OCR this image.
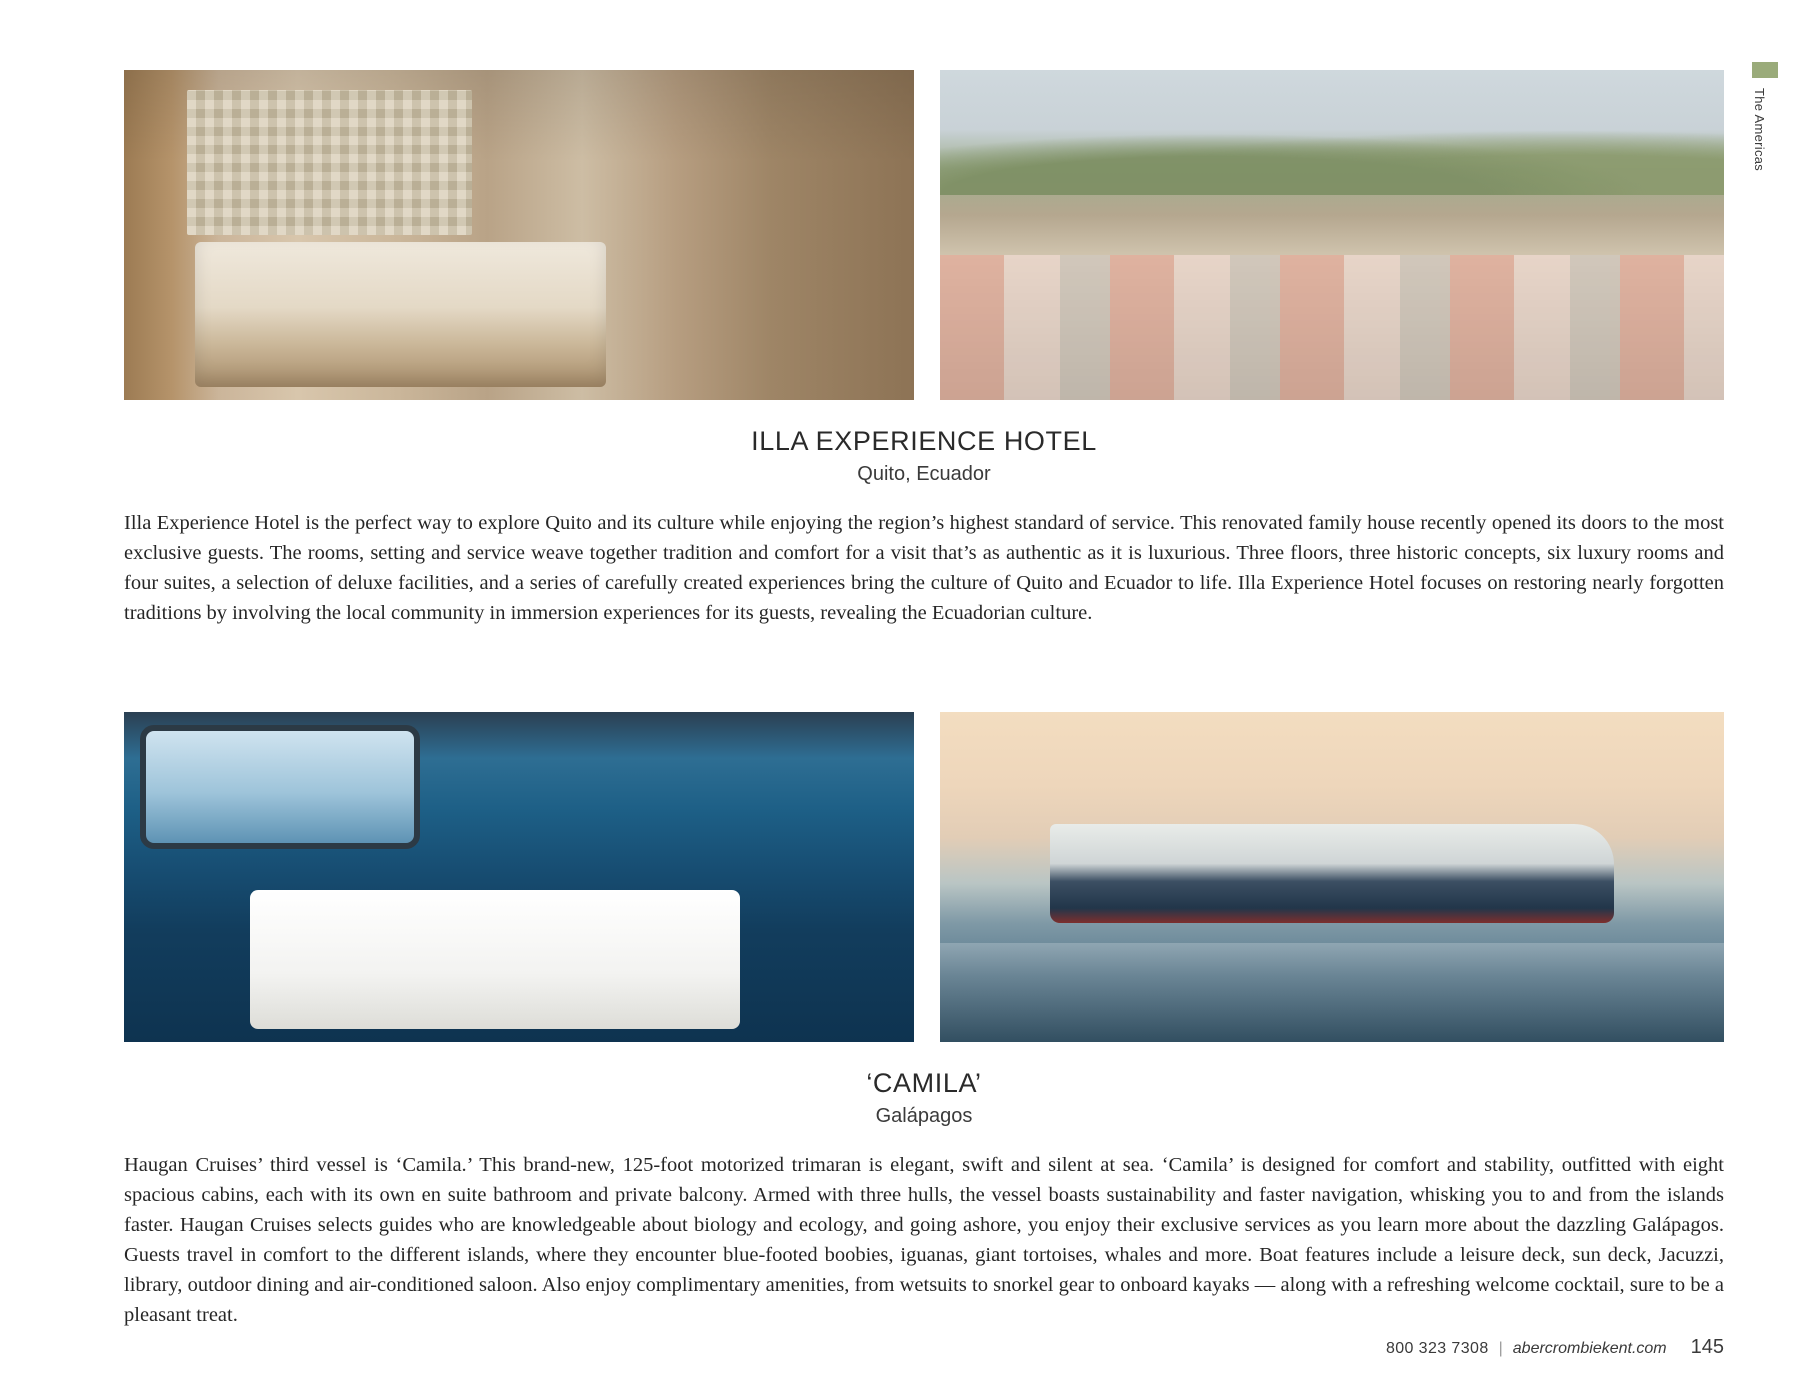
The Americas
ILLA EXPERIENCE HOTEL
Quito, Ecuador
Illa Experience Hotel is the perfect way to explore Quito and its culture while enjoying the region’s highest standard of service. This renovated family house recently opened its doors to the most exclusive guests. The rooms, setting and service weave together tradition and comfort for a visit that’s as authentic as it is luxurious. Three floors, three historic concepts, six luxury rooms and four suites, a selection of deluxe facilities, and a series of carefully created experiences bring the culture of Quito and Ecuador to life. Illa Experience Hotel focuses on restoring nearly forgotten traditions by involving the local community in immersion experiences for its guests, revealing the Ecuadorian culture.
‘CAMILA’
Galápagos
Haugan Cruises’ third vessel is ‘Camila.’ This brand-new, 125-foot motorized trimaran is elegant, swift and silent at sea. ‘Camila’ is designed for comfort and stability, outfitted with eight spacious cabins, each with its own en suite bathroom and private balcony. Armed with three hulls, the vessel boasts sustainability and faster navigation, whisking you to and from the islands faster. Haugan Cruises selects guides who are knowledgeable about biology and ecology, and going ashore, you enjoy their exclusive services as you learn more about the dazzling Galápagos. Guests travel in comfort to the different islands, where they encounter blue-footed boobies, iguanas, giant tortoises, whales and more. Boat features include a leisure deck, sun deck, Jacuzzi, library, outdoor dining and air-conditioned saloon. Also enjoy complimentary amenities, from wetsuits to snorkel gear to onboard kayaks — along with a refreshing welcome cocktail, sure to be a pleasant treat.
800 323 7308 | abercrombiekent.com 145
